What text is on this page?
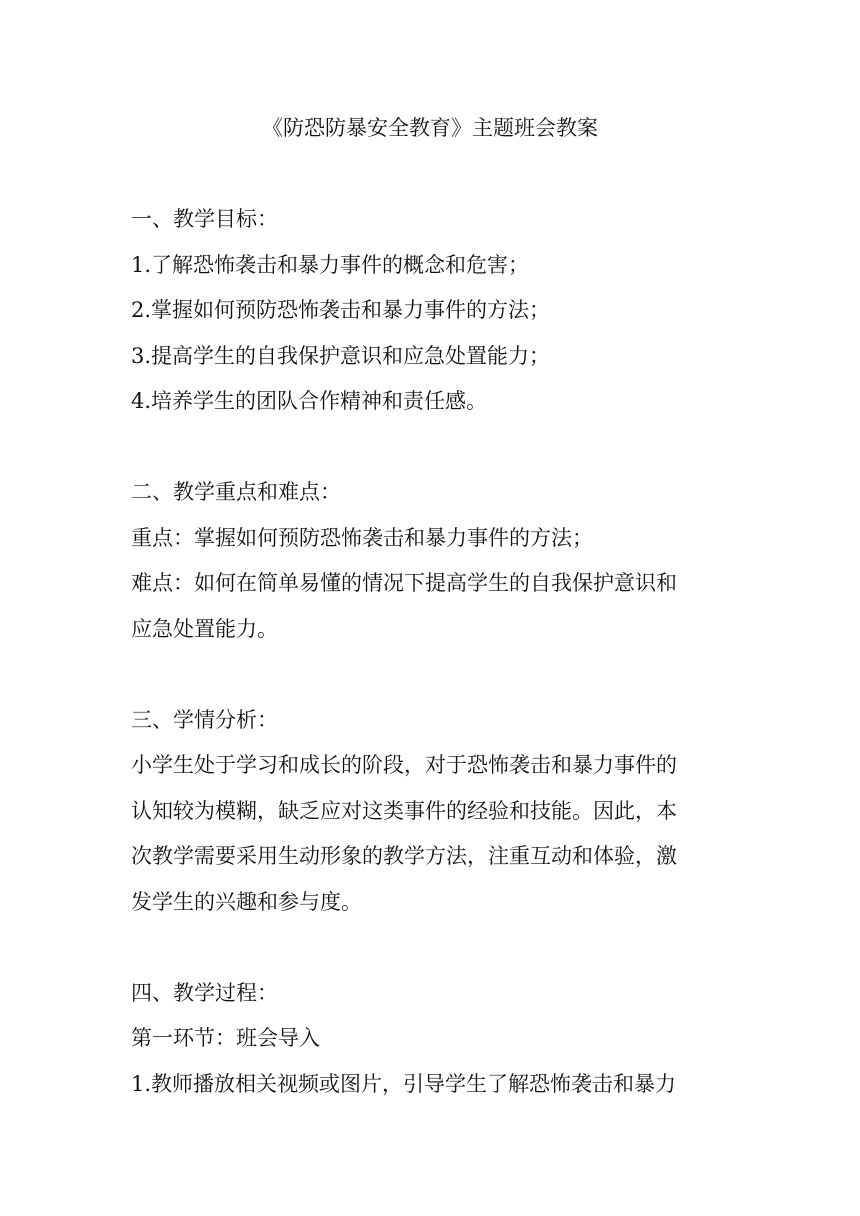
《防恐防暴安全教育》主题班会教案
一、教学目标：
1.了解恐怖袭击和暴力事件的概念和危害；
2.掌握如何预防恐怖袭击和暴力事件的方法；
3.提高学生的自我保护意识和应急处置能力；
4.培养学生的团队合作精神和责任感。
二、教学重点和难点：
重点：掌握如何预防恐怖袭击和暴力事件的方法；
难点：如何在简单易懂的情况下提高学生的自我保护意识和
应急处置能力。
三、学情分析：
小学生处于学习和成长的阶段，对于恐怖袭击和暴力事件的
认知较为模糊，缺乏应对这类事件的经验和技能。因此，本
次教学需要采用生动形象的教学方法，注重互动和体验，激
发学生的兴趣和参与度。
四、教学过程：
第一环节：班会导入
1.教师播放相关视频或图片，引导学生了解恐怖袭击和暴力
